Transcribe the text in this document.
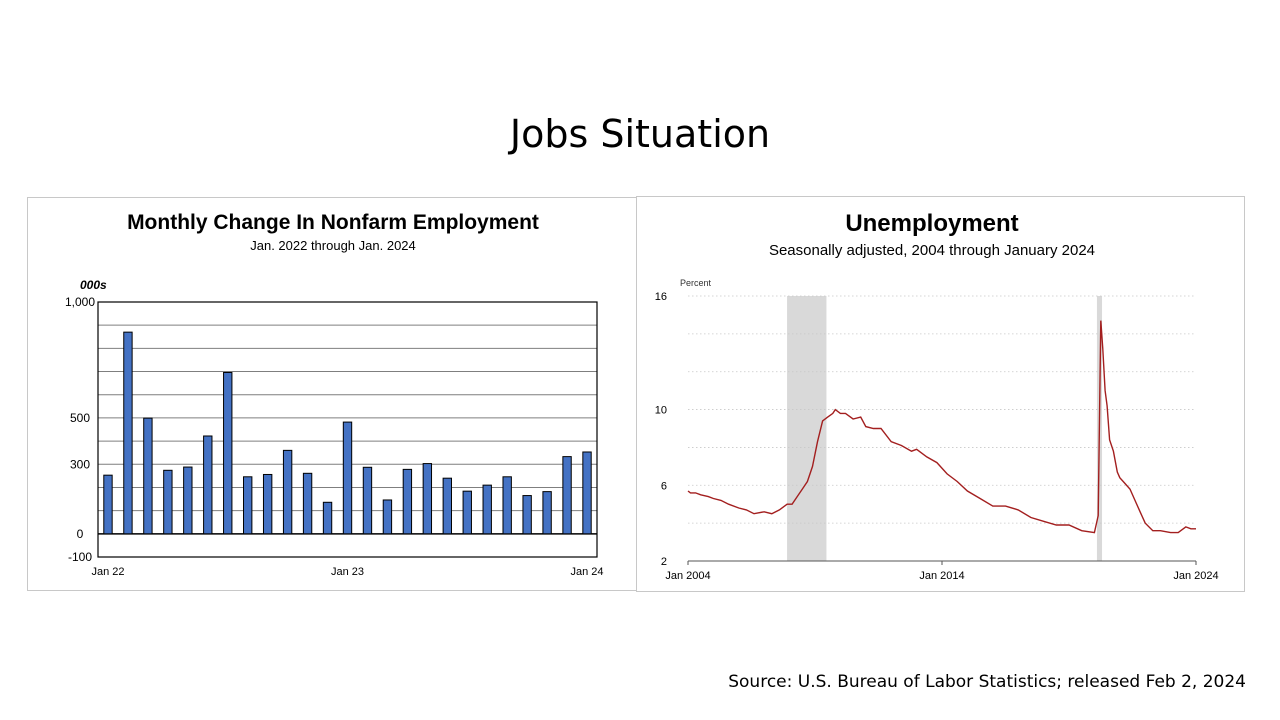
Jobs Situation
Monthly Change In Nonfarm Employment
Jan. 2022 through Jan. 2024
000s
-100
0
300
500
1,000
Jan 22	Jan 23	Jan 24
Unemployment
Seasonally adjusted, 2004 through January 2024
Percent
2
6
10
16
Jan 2004	Jan 2014	Jan 2024
Source: U.S. Bureau of Labor Statistics; released Feb 2, 2024
